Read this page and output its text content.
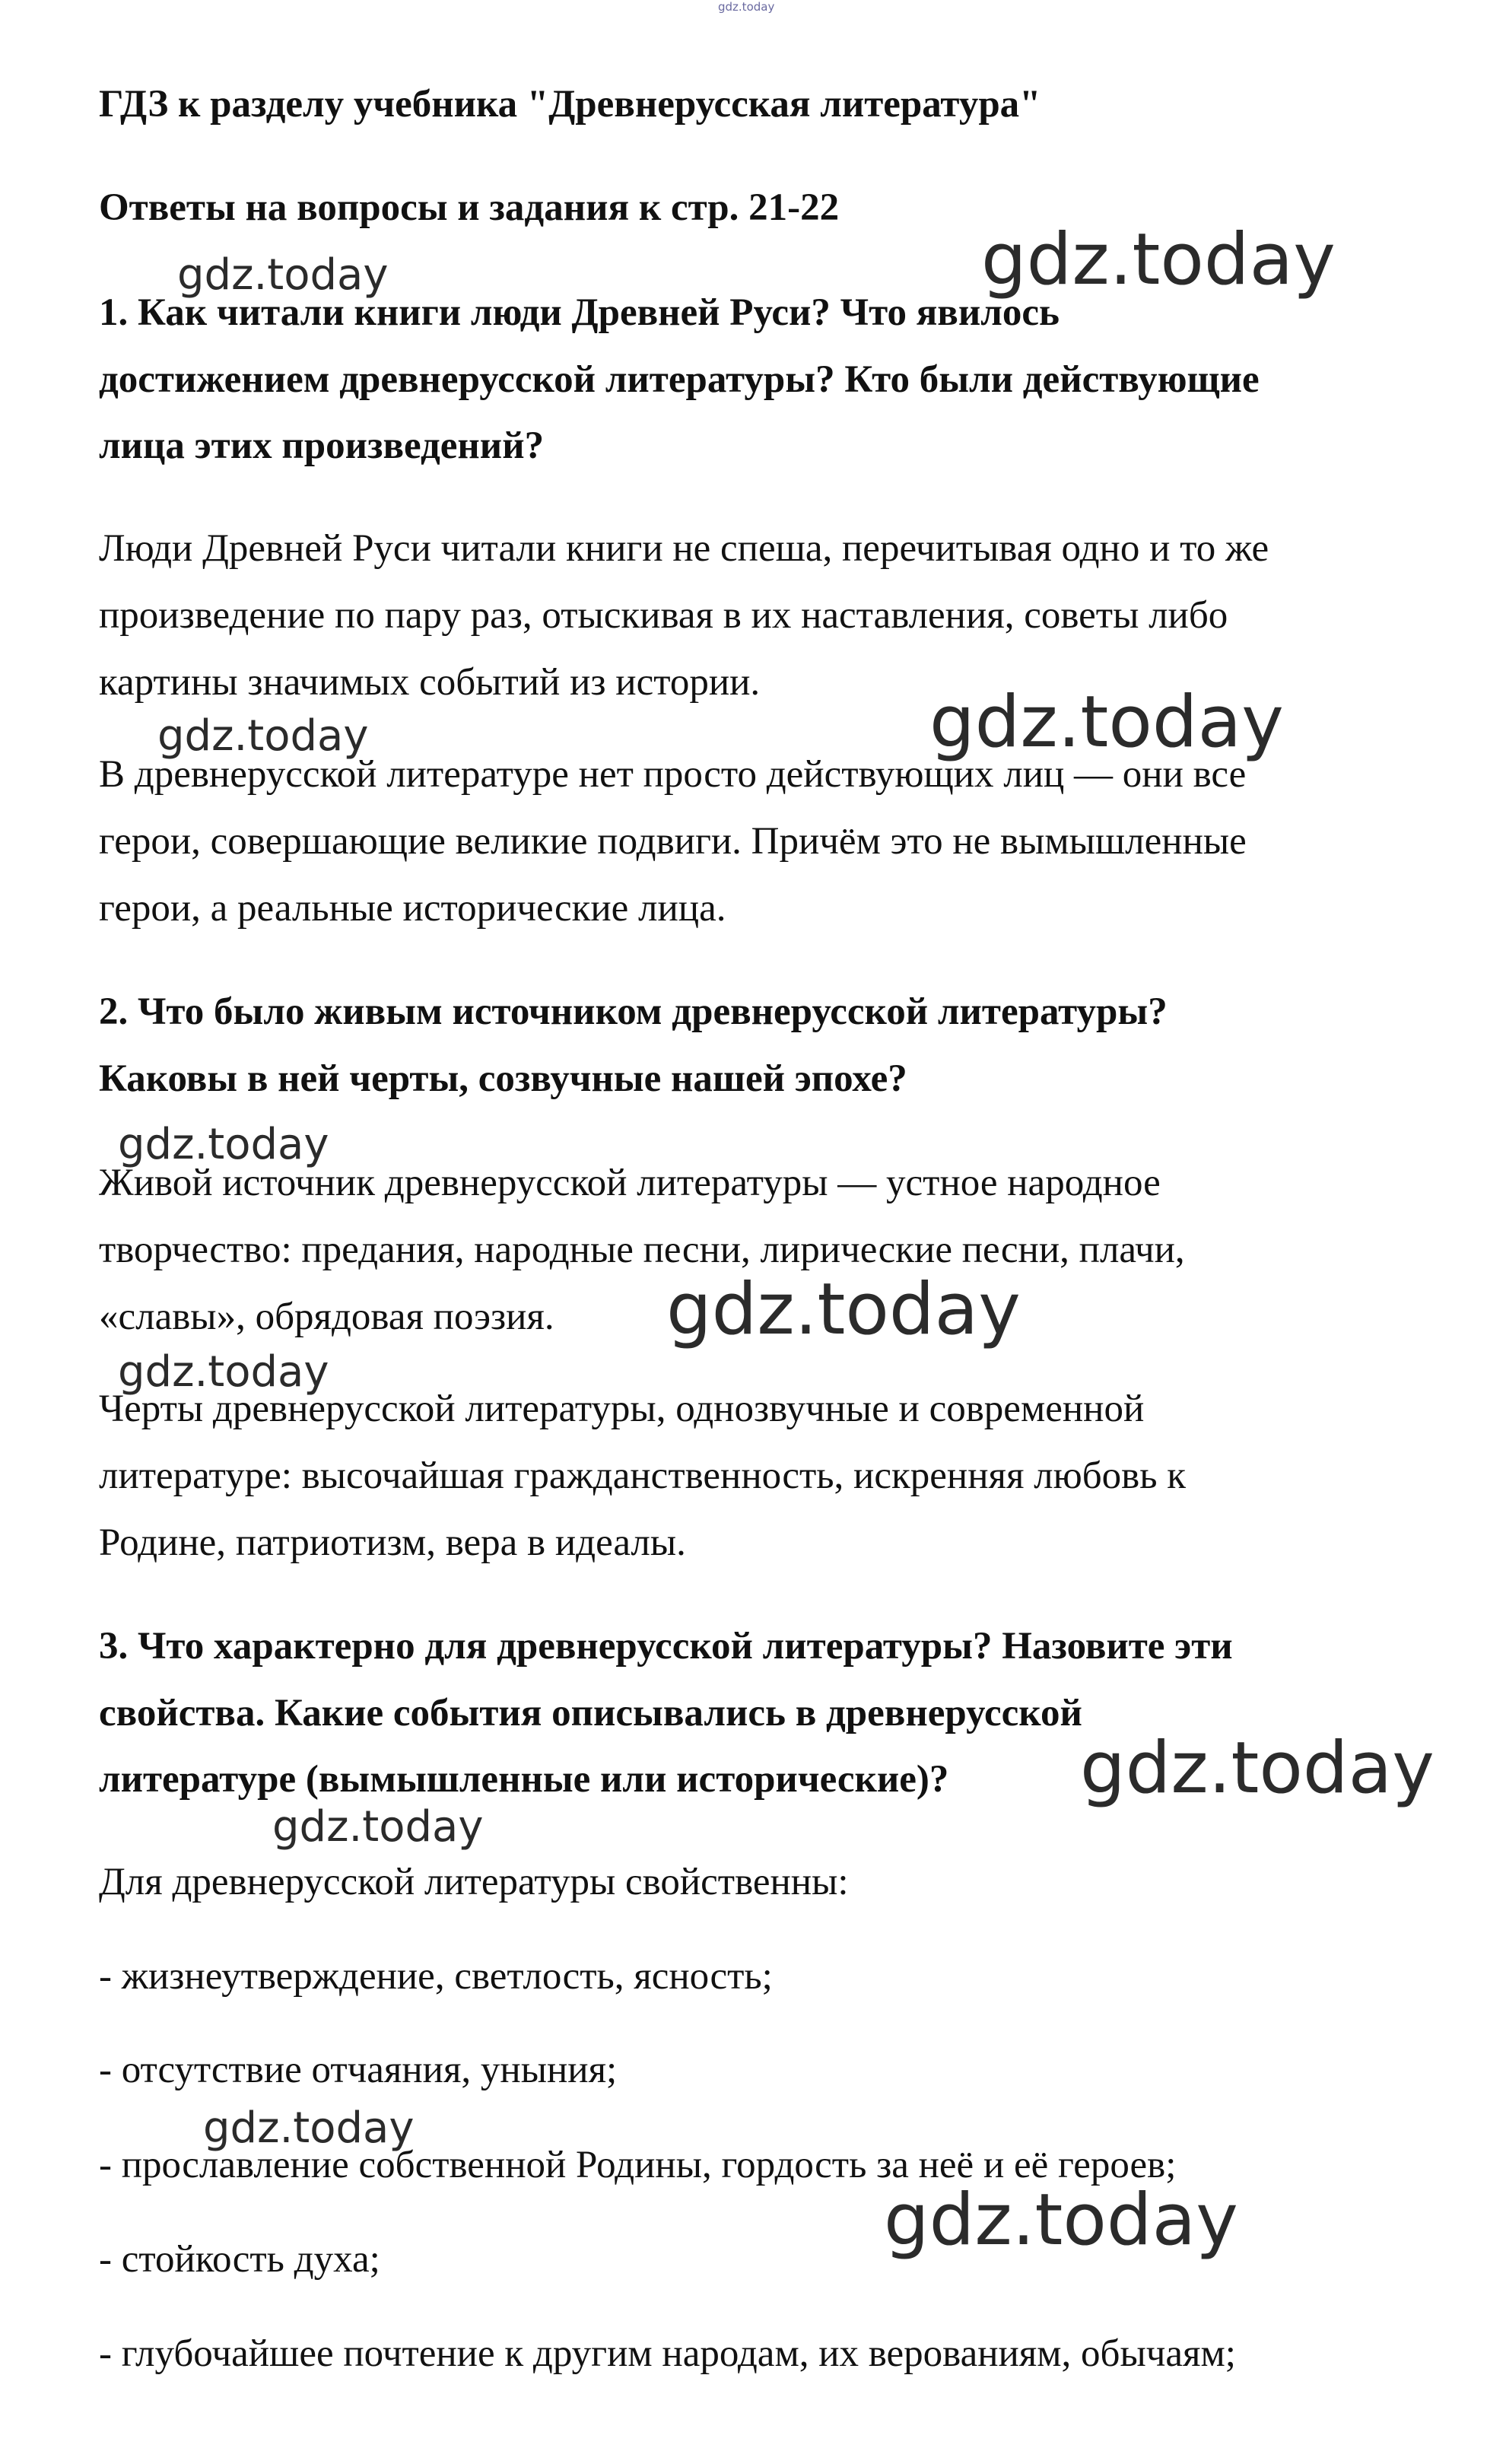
gdz.today
ГДЗ к разделу учебника "Древнерусская литература"
Ответы на вопросы и задания к стр. 21-22
1. Как читали книги люди Древней Руси? Что явилось
достижением древнерусской литературы? Кто были действующие
лица этих произведений?
Люди Древней Руси читали книги не спеша, перечитывая одно и то же
произведение по пару раз, отыскивая в их наставления, советы либо
картины значимых событий из истории.
В древнерусской литературе нет просто действующих лиц — они все
герои, совершающие великие подвиги. Причём это не вымышленные
герои, а реальные исторические лица.
2. Что было живым источником древнерусской литературы?
Каковы в ней черты, созвучные нашей эпохе?
Живой источник древнерусской литературы — устное народное
творчество: предания, народные песни, лирические песни, плачи,
«славы», обрядовая поэзия.
Черты древнерусской литературы, однозвучные и современной
литературе: высочайшая гражданственность, искренняя любовь к
Родине, патриотизм, вера в идеалы.
3. Что характерно для древнерусской литературы? Назовите эти
свойства. Какие события описывались в древнерусской
литературе (вымышленные или исторические)?
Для древнерусской литературы свойственны:
- жизнеутверждение, светлость, ясность;
- отсутствие отчаяния, уныния;
- прославление собственной Родины, гордость за неё и её героев;
- стойкость духа;
- глубочайшее почтение к другим народам, их верованиям, обычаям;
gdz.today	gdz.today
gdz.today	gdz.today
gdz.today
gdz.today
gdz.today
gdz.today
gdz.today
gdz.today
gdz.today
